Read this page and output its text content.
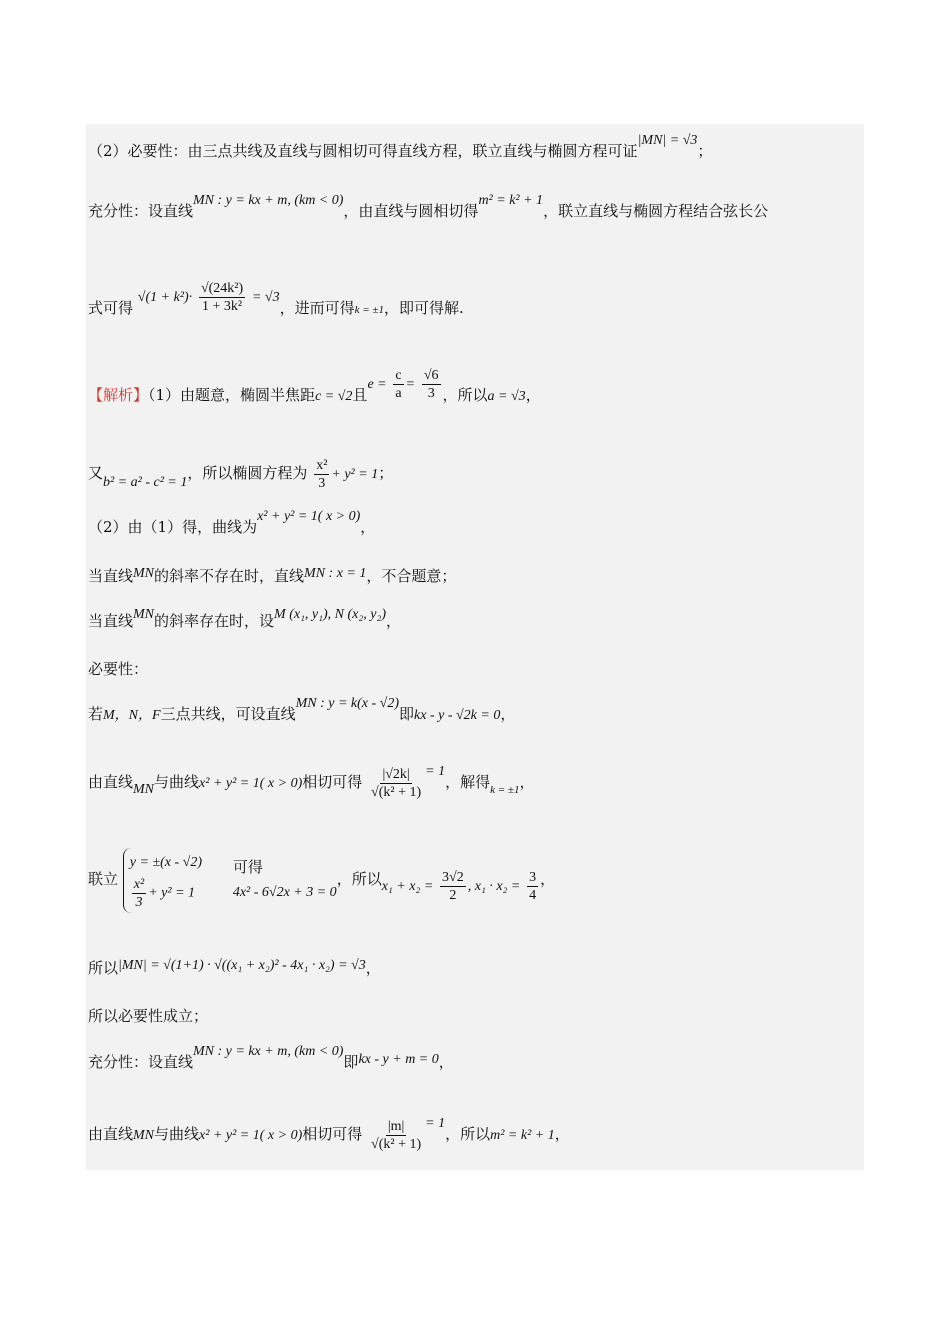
（2）必要性：由三点共线及直线与圆相切可得直线方程，联立直线与椭圆方程可证|MN| = √3；
充分性：设直线MN : y = kx + m, (km < 0)，由直线与圆相切得m² = k² + 1，联立直线与椭圆方程结合弦长公
式可得 $√(1 + k^2)\cdot \frac{\text{√(24k²)}}{\text{1 + 3k²}} = √3$，进而可得k = ±1，即可得解.
【解析】（1）由题意，椭圆半焦距c = √2且$e = \frac{c}{a} = \frac{√6}{3}$ ，所以a = √3，
又b² = a² - c² = 1，所以椭圆方程为 $\frac{\text{x²}}{3} + y^2 = 1$；
（2）由（1）得，曲线为x² + y² = 1( x > 0)，
当直线MN的斜率不存在时，直线MN : x = 1，不合题意；
当直线MN的斜率存在时，设M (x₁, y₁), N (x₂, y₂)，
必要性：
若M，N，F三点共线，可设直线MN : y = k(x - √2)即kx - y - √2k = 0，
由直线MN与曲线x² + y² = 1( x > 0)相切可得 $\frac{|√2k|}{\text{√(k² + 1)}} = 1$，解得$_{k = \pm 1}$，
联立
y = ±(x - √2)
$\frac{\text{x²}}{3} + y^2 = 1$

可得
4x² - 6√2x + 3 = 0
，所以$x_1 + x_2 = \frac{3√2}{2}$ , $x_1 \cdot x_2 = \frac{3}{4}$ ，
所以|MN| = √(1+1) · √((x₁ + x₂)² - 4x₁ · x₂) = √3，
所以必要性成立；
充分性：设直线MN : y = kx + m, (km < 0)即kx - y + m = 0，
由直线MN与曲线x² + y² = 1( x > 0)相切可得 $\frac{|m|}{\text{√(k² + 1)}} = 1$，所以m² = k² + 1，
